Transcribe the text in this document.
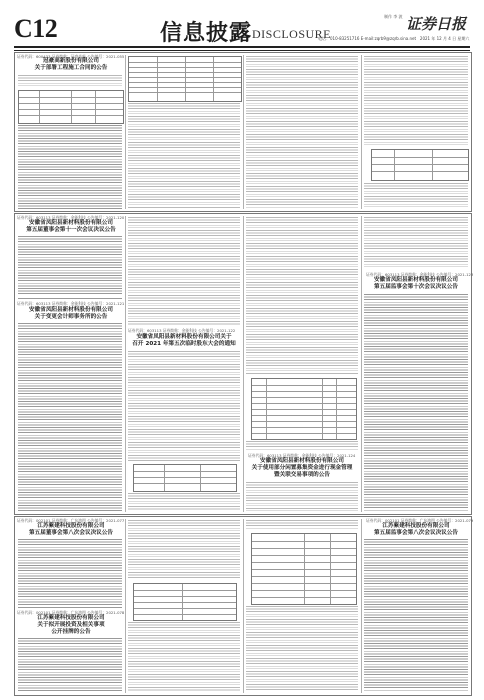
C12	信息披露 DISCLOSURE
制作 李 波 证券日报
电话：010-83251716 E-mail:zqrb9@zqrb.sina.net 2021 年 12 月 4 日 星期六
证券代码：600433 证券简称：冠豪高新 公告编号：2021-055
冠豪高新股份有限公司
关于部署工程施工合同的公告
证券代码：603113 证券简称：金能科技 公告编号：2021-120
安徽省凤阳县新材料股份有限公司
第五届董事会第十一次会议决议公告
证券代码：603113 证券简称：金能科技 公告编号：2021-121
安徽省凤阳县新材料股份有限公司
关于变更会计师事务所的公告
证券代码：603113 证券简称：金能科技 公告编号：2021-122
安徽省凤阳县新材料股份有限公司关于
召开 2021 年第五次临时股东大会的通知
证券代码：603113 证券简称：金能科技 公告编号：2021-124
安徽省凤阳县新材料股份有限公司
关于使用部分闲置募集资金进行现金管理
暨关联交易事项的公告
证券代码：603113 证券简称：金能科技 公告编号：2021-123
安徽省凤阳县新材料股份有限公司
第五届监事会第十次会议决议公告
证券代码：002101 证券简称：广东鸿图 公告编号：2021-077
江苏紫建科技股份有限公司
第五届董事会第八次会议决议公告
证券代码：002101 证券简称：广东鸿图 公告编号：2021-078
江苏紫建科技股份有限公司
关于拟开展投资及相关事项
公开挂牌的公告
证券代码：002101 证券简称：广东鸿图 公告编号：2021-079
江苏紫建科技股份有限公司
第五届监事会第八次会议决议公告
